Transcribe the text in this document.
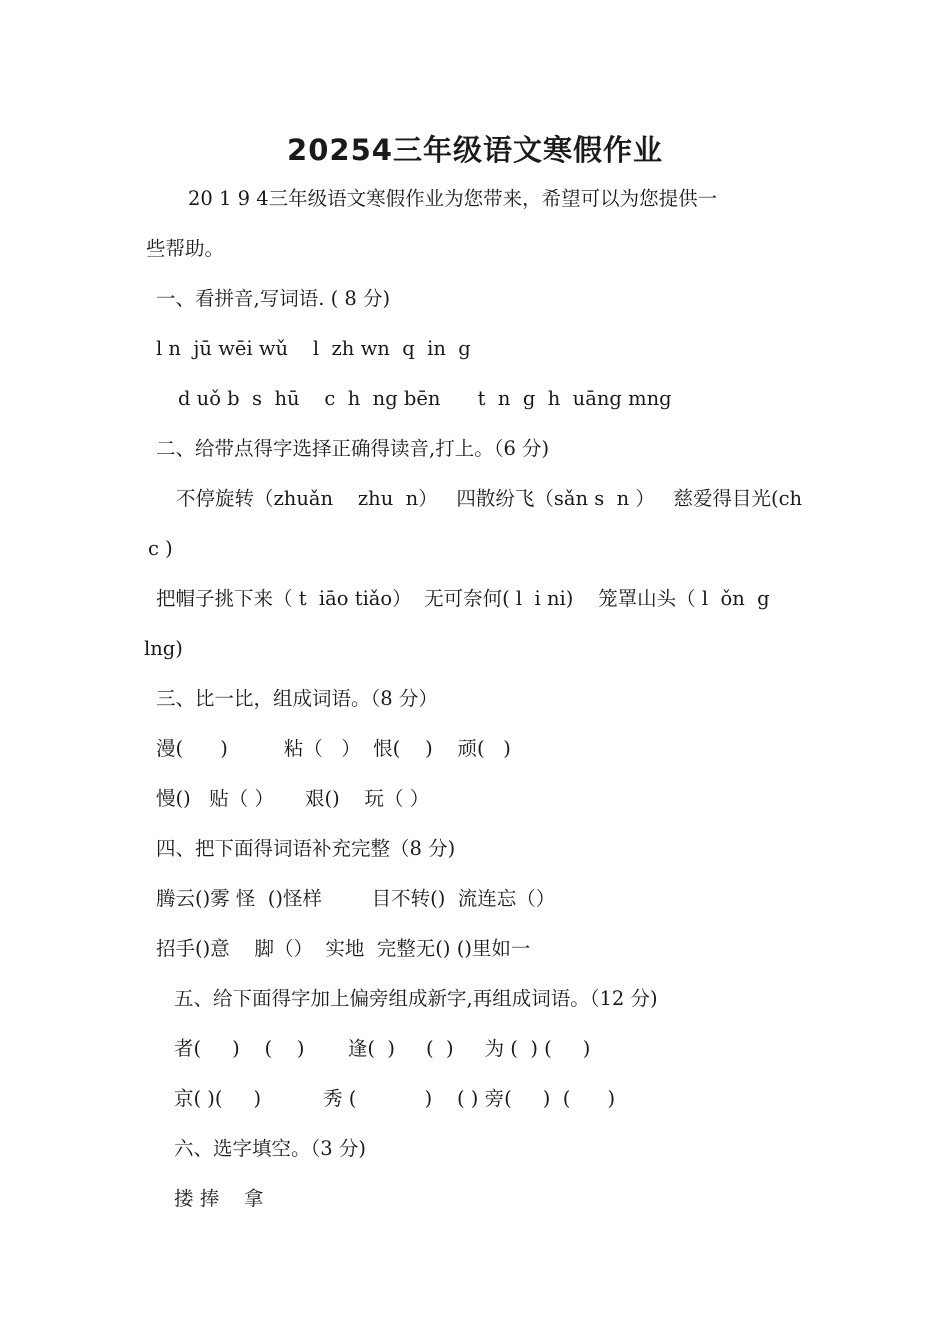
20254三年级语文寒假作业

20 1 9 4三年级语文寒假作业为您带来，希望可以为您提供一

些帮助。

一、看拼音,写词语. ( 8 分)

l n  jū wēi wǔ    l  zh wn  q  in  g

d uǒ b  s  hū    c  h  ng bēn      t  n  g  h  uāng mng

二、给带点得字选择正确得读音,打上。（6 分)

不停旋转（zhuǎn    zhu  n）   四散纷飞（sǎn s  n ）   慈爱得目光(ch

c )

把帽子挑下来（ t  iāo tiǎo）  无可奈何( l  i ni)    笼罩山头（ l  ǒn  g

lng)

三、比一比，组成词语。（8 分）

漫(      )         粘（   ）  恨(    )    顽(   )

慢()   贴（ ）     艰()    玩（ ）

四、把下面得词语补充完整（8 分)

腾云()雾 怪  ()怪样        目不转()  流连忘（）

招手()意    脚（）  实地  完整无() ()里如一

五、给下面得字加上偏旁组成新字,再组成词语。（12 分)

者(     )    (    )       逢(  )     (  )     为 (  ) (     )

京( )(     )          秀 (           )    ( ) 旁(     )  (      )

六、选字填空。（3 分)

搂 捧    拿
